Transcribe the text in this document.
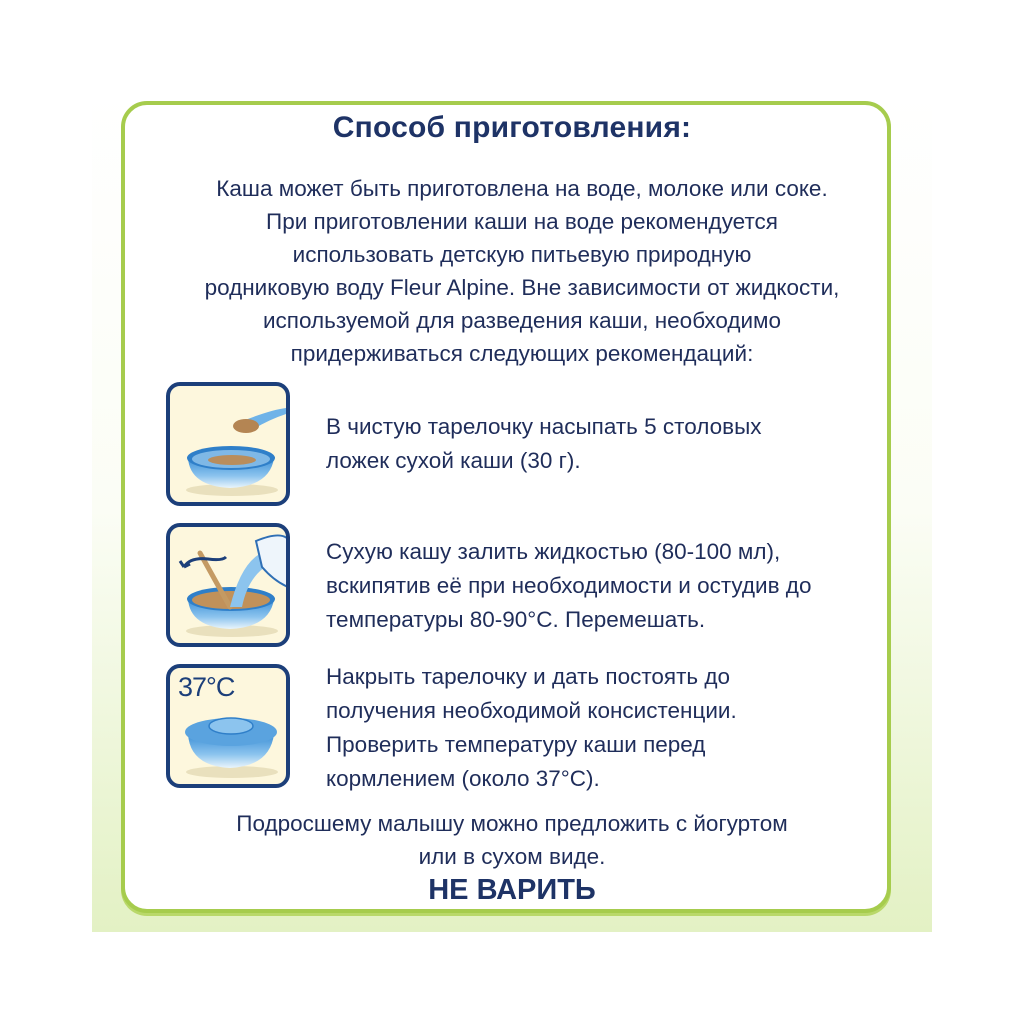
Способ приготовления:
Каша может быть приготовлена на воде, молоке или соке.
При приготовлении каши на воде рекомендуется
использовать детскую питьевую природную
родниковую воду Fleur Alpine. Вне зависимости от жидкости,
используемой для разведения каши, необходимо
придерживаться следующих рекомендаций:
В чистую тарелочку насыпать 5 столовых
ложек сухой каши (30 г).
Сухую кашу залить жидкостью (80-100 мл),
вскипятив её при необходимости и остудив до
температуры 80-90°С. Перемешать.
37°C	Накрыть тарелочку и дать постоять до
получения необходимой консистенции.
Проверить температуру каши перед
кормлением (около 37°С).
Подросшему малышу можно предложить с йогуртом
или в сухом виде.
НЕ ВАРИТЬ
